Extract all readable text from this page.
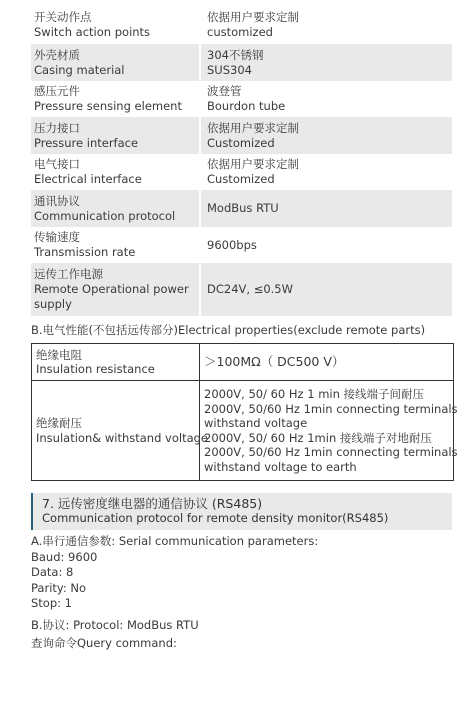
开关动作点
Switch action points
依据用户要求定制
customized
外壳材质
Casing material
304不锈钢
SUS304
感压元件
Pressure sensing element
波登管
Bourdon tube
压力接口
Pressure interface
依据用户要求定制
Customized
电气接口
Electrical interface
依据用户要求定制
Customized
通讯协议
Communication protocol
ModBus RTU
传输速度
Transmission rate
9600bps
远传工作电源
Remote Operational power supply
DC24V, ≤0.5W
B.电气性能(不包括远传部分)Electrical properties(exclude remote parts)
绝缘电阻
Insulation resistance
＞100MΩ（ DC500 V）
绝缘耐压
Insulation& withstand voltage
2000V, 50/ 60 Hz 1 min 接线端子间耐压
2000V, 50/60 Hz 1min connecting terminals
withstand voltage
2000V, 50/ 60 Hz 1min 接线端子对地耐压
2000V, 50/60 Hz 1min connecting terminals
withstand voltage to earth
7. 远传密度继电器的通信协议 (RS485)
Communication protocol for remote density monitor(RS485)
A.串行通信参数: Serial communication parameters:
Baud: 9600
Data: 8
Parity: No
Stop: 1
B.协议: Protocol: ModBus RTU
查询命令Query command:
